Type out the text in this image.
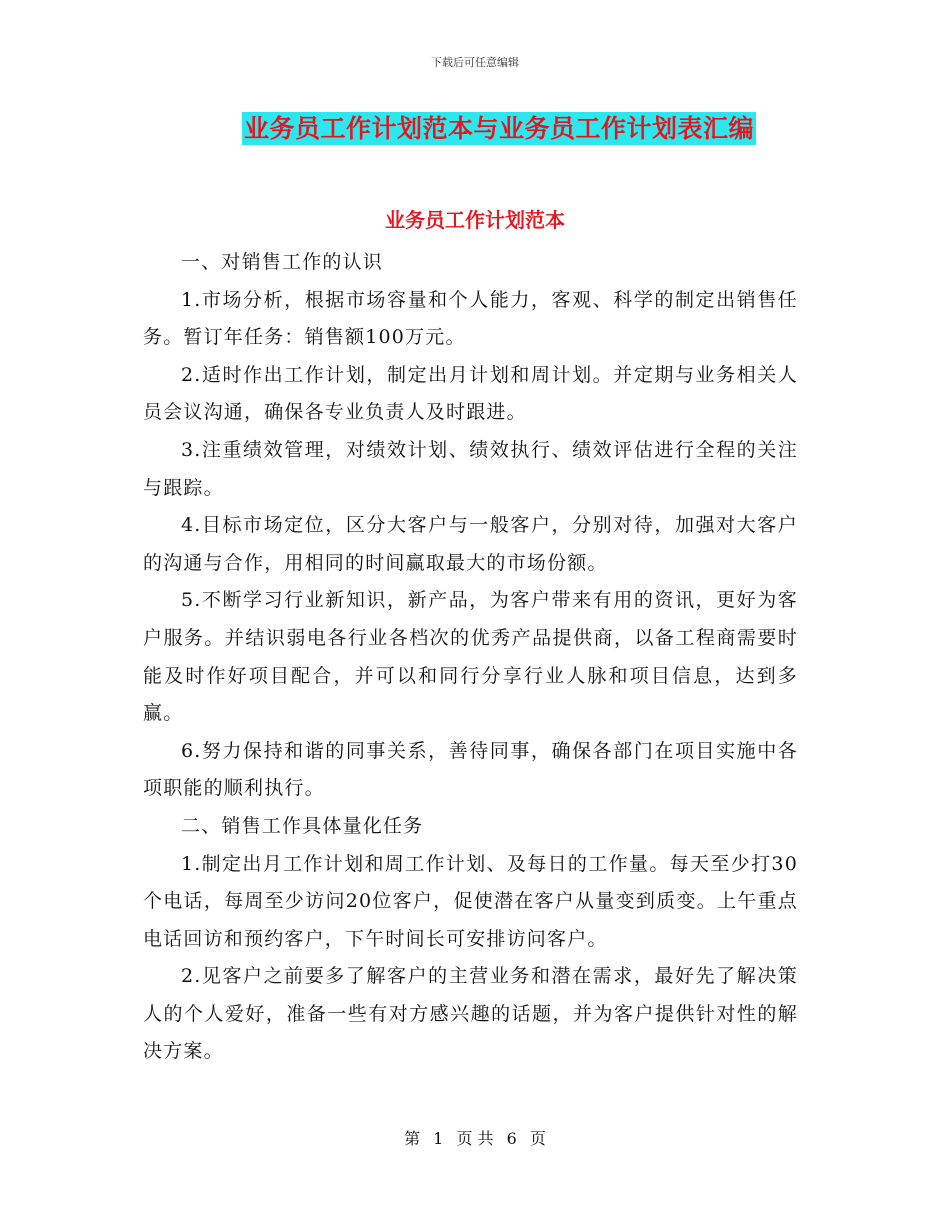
下载后可任意编辑
业务员工作计划范本与业务员工作计划表汇编
业务员工作计划范本

一、对销售工作的认识

1.市场分析，根据市场容量和个人能力，客观、科学的制定出销售任务。暂订年任务：销售额100万元。

2.适时作出工作计划，制定出月计划和周计划。并定期与业务相关人员会议沟通，确保各专业负责人及时跟进。

3.注重绩效管理，对绩效计划、绩效执行、绩效评估进行全程的关注与跟踪。

4.目标市场定位，区分大客户与一般客户，分别对待，加强对大客户的沟通与合作，用相同的时间赢取最大的市场份额。

5.不断学习行业新知识，新产品，为客户带来有用的资讯，更好为客户服务。并结识弱电各行业各档次的优秀产品提供商，以备工程商需要时能及时作好项目配合，并可以和同行分享行业人脉和项目信息，达到多赢。

6.努力保持和谐的同事关系，善待同事，确保各部门在项目实施中各项职能的顺利执行。

二、销售工作具体量化任务

1.制定出月工作计划和周工作计划、及每日的工作量。每天至少打30个电话，每周至少访问20位客户，促使潜在客户从量变到质变。上午重点电话回访和预约客户，下午时间长可安排访问客户。

2.见客户之前要多了解客户的主营业务和潜在需求，最好先了解决策人的个人爱好，准备一些有对方感兴趣的话题，并为客户提供针对性的解决方案。

第 1 页 共 6 页
